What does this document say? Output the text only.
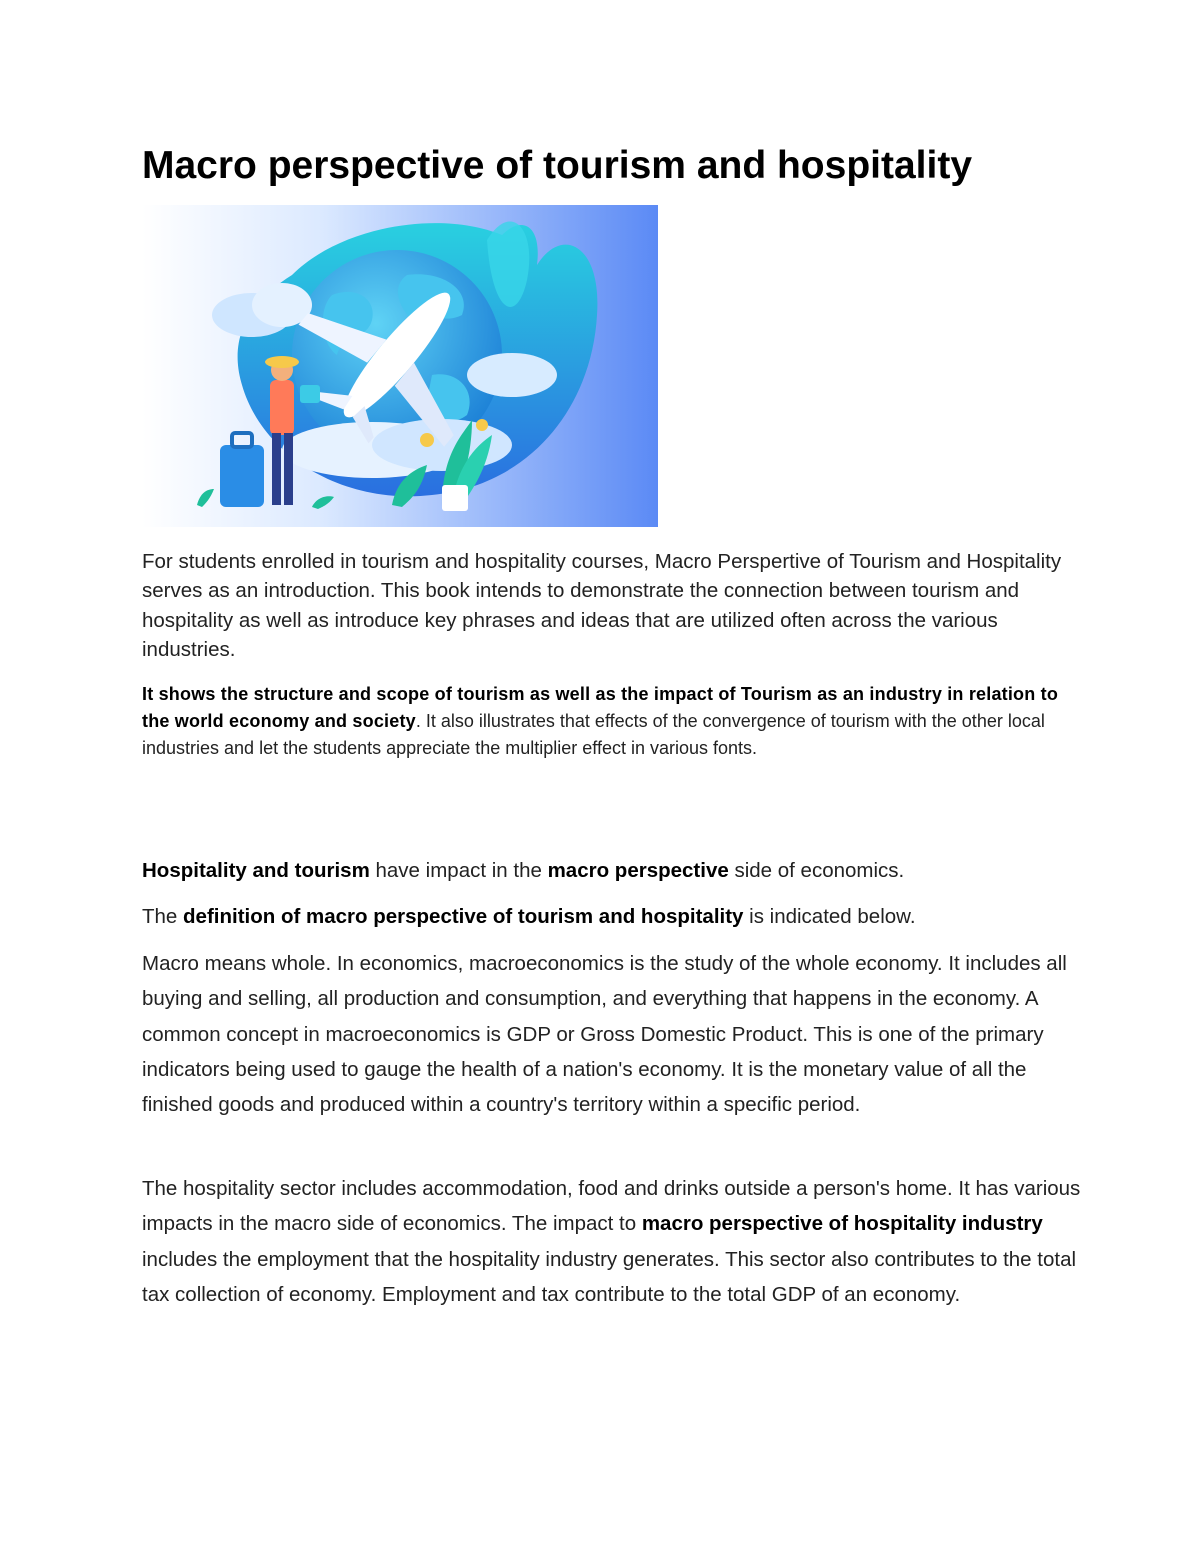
Macro perspective of tourism and hospitality

For students enrolled in tourism and hospitality courses, Macro Perspertive of Tourism and Hospitality serves as an introduction. This book intends to demonstrate the connection between tourism and hospitality as well as introduce key phrases and ideas that are utilized often across the various industries.

It shows the structure and scope of tourism as well as the impact of Tourism as an industry in relation to the world economy and society. It also illustrates that effects of the convergence of tourism with the other local industries and let the students appreciate the multiplier effect in various fonts.

Hospitality and tourism have impact in the macro perspective side of economics.

The definition of macro perspective of tourism and hospitality is indicated below.

Macro means whole. In economics, macroeconomics is the study of the whole economy. It includes all buying and selling, all production and consumption, and everything that happens in the economy. A common concept in macroeconomics is GDP or Gross Domestic Product. This is one of the primary indicators being used to gauge the health of a nation's economy. It is the monetary value of all the finished goods and produced within a country's territory within a specific period.

The hospitality sector includes accommodation, food and drinks outside a person's home. It has various impacts in the macro side of economics. The impact to macro perspective of hospitality industry includes the employment that the hospitality industry generates. This sector also contributes to the total tax collection of economy. Employment and tax contribute to the total GDP of an economy.
